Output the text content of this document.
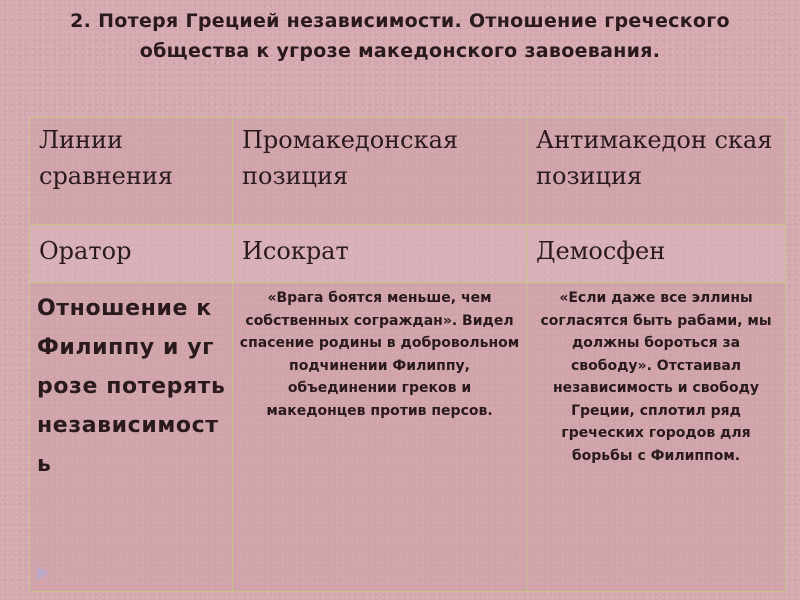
2. Потеря Грецией независимости. Отношение греческого общества к угрозе македонского завоевания.
Линии сравнения	Промакедонская позиция	Антимакедон ская позиция

Оратор	Исократ	Демосфен

Отношение к Филиппу и угрозе потерять независимость	«Врага боятся меньше, чем собственных сограждан». Видел спасение родины в добровольном подчинении Филиппу, объединении греков и македонцев против персов.	«Если даже все эллины согласятся быть рабами, мы должны бороться за свободу». Отстаивал независимость и свободу Греции, сплотил ряд греческих городов для борьбы с Филиппом.
